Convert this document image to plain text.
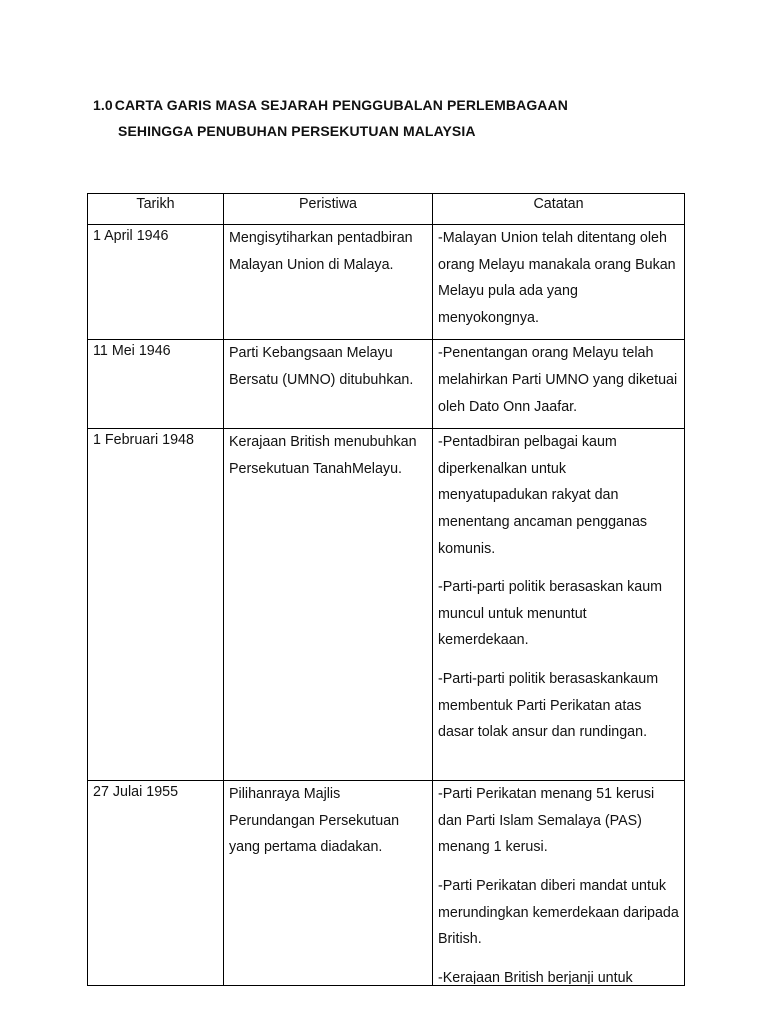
1.0 CARTA GARIS MASA SEJARAH PENGGUBALAN PERLEMBAGAAN
SEHINGGA PENUBUHAN PERSEKUTUAN MALAYSIA
Tarikh	Peristiwa	Catatan
1 April 1946	Mengisytiharkan pentadbiran Malayan Union di Malaya.	-Malayan Union telah ditentang oleh orang Melayu manakala orang Bukan Melayu pula ada yang menyokongnya.

11 Mei 1946	Parti Kebangsaan Melayu Bersatu (UMNO) ditubuhkan.	-Penentangan orang Melayu telah melahirkan Parti UMNO yang diketuai oleh Dato Onn Jaafar.

1 Februari 1948	Kerajaan British menubuhkan Persekutuan TanahMelayu.	-Pentadbiran pelbagai kaum diperkenalkan untuk menyatupadukan rakyat dan menentang ancaman pengganas komunis.

-Parti-parti politik berasaskan kaum muncul untuk menuntut kemerdekaan.

-Parti-parti politik berasaskankaum membentuk Parti Perikatan atas dasar tolak ansur dan rundingan.

27 Julai 1955	Pilihanraya Majlis Perundangan Persekutuan yang pertama diadakan.	-Parti Perikatan menang 51 kerusi dan Parti Islam Semalaya (PAS) menang 1 kerusi.

-Parti Perikatan diberi mandat untuk merundingkan kemerdekaan daripada British.

-Kerajaan British berjanji untuk
